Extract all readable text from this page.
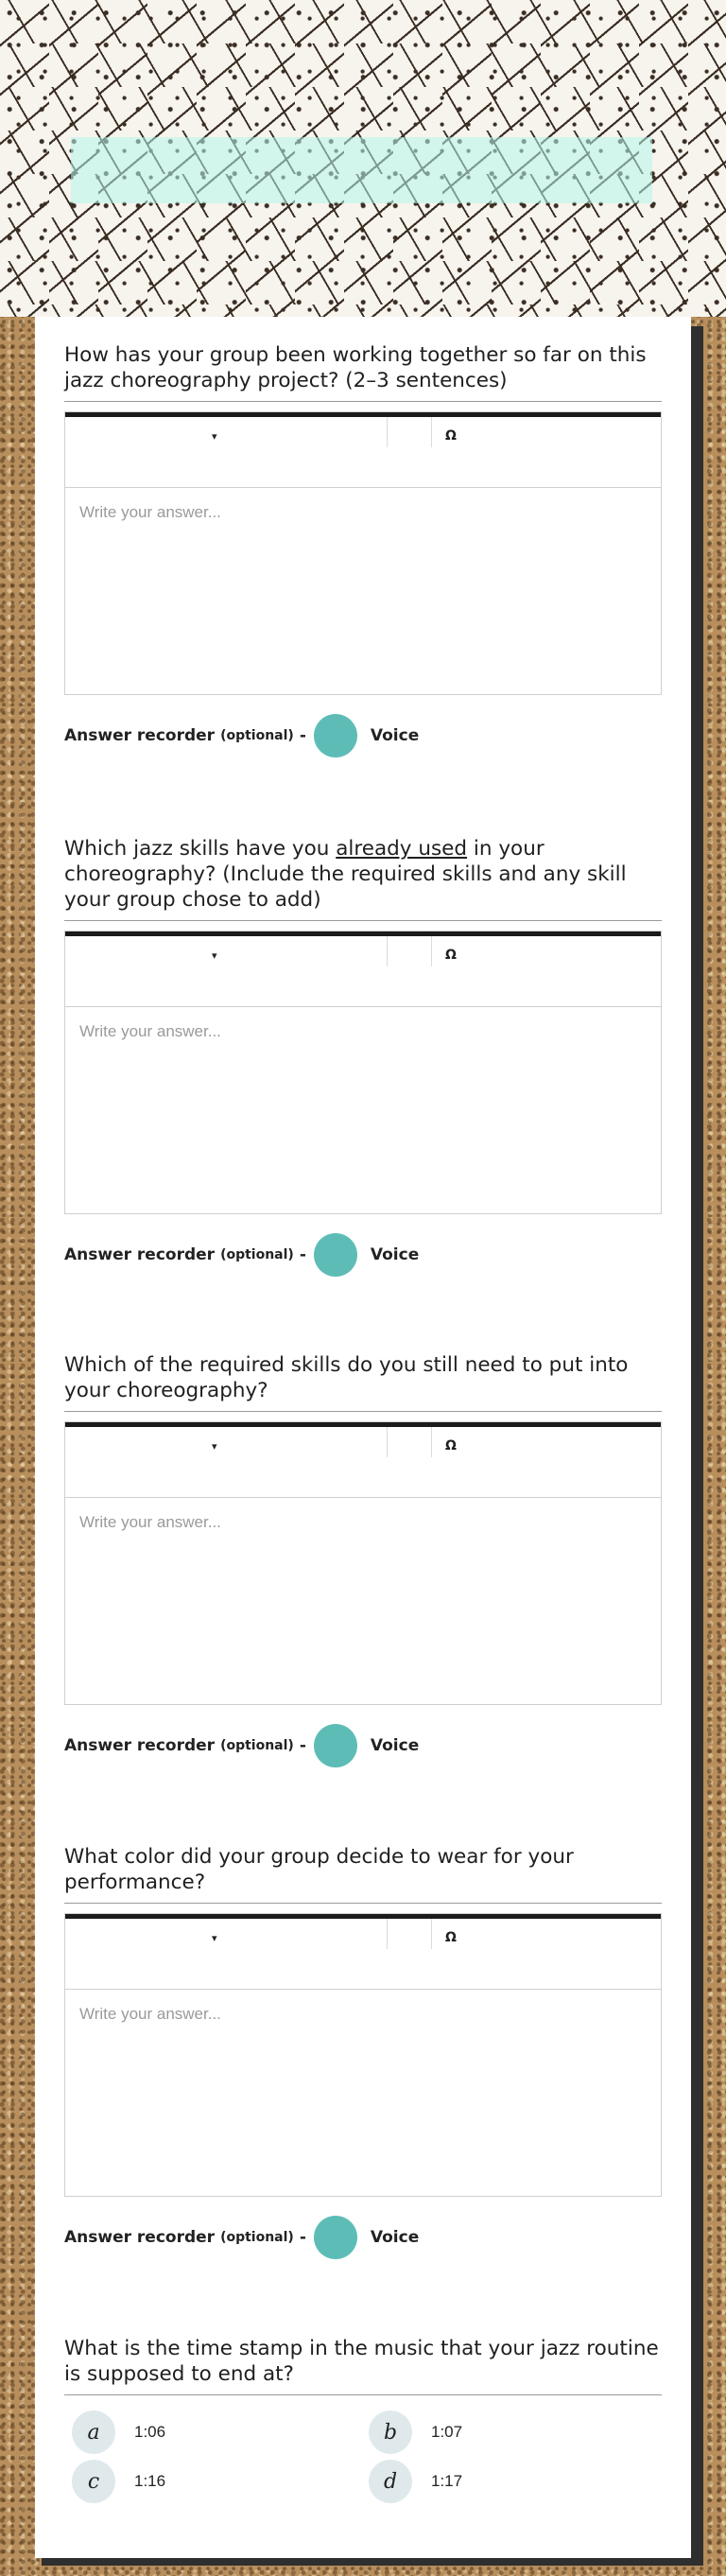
How has your group been working together so far on this jazz choreography project? (2–3 sentences)
▾	Ω
Write your answer...
Answer recorder (optional) -	Voice
Which jazz skills have you already used in your choreography? (Include the required skills and any skill your group chose to add)
▾	Ω
Write your answer...
Answer recorder (optional) -	Voice
Which of the required skills do you still need to put into your choreography?
▾	Ω
Write your answer...
Answer recorder (optional) -	Voice
What color did your group decide to wear for your performance?
▾	Ω
Write your answer...
Answer recorder (optional) -	Voice
What is the time stamp in the music that your jazz routine is supposed to end at?
a	1:06	b	1:07
c	1:16	d	1:17
